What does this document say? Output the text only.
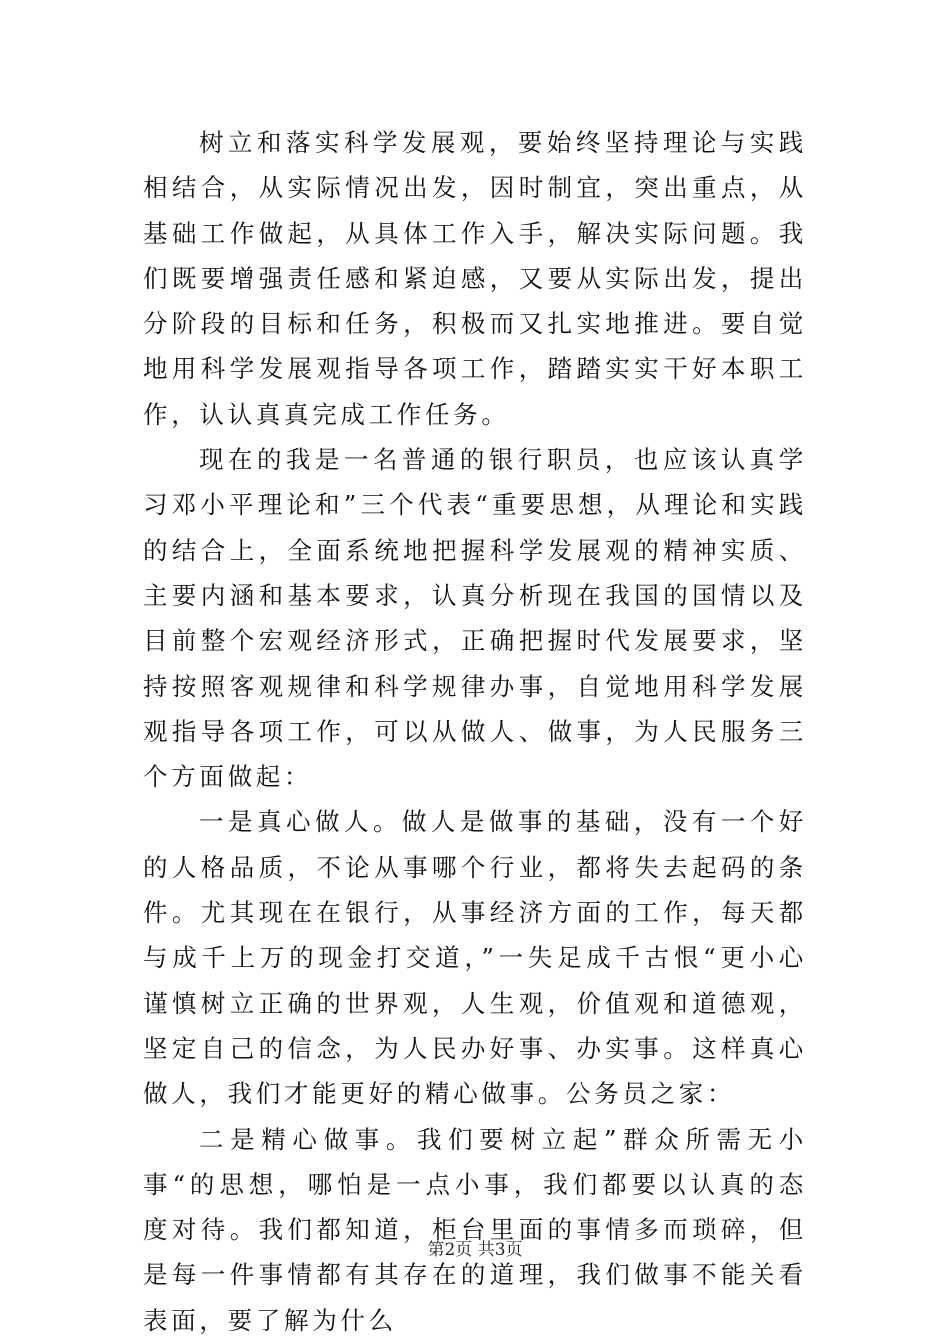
树立和落实科学发展观，要始终坚持理论与实践相结合，从实际情况出发，因时制宜，突出重点，从基础工作做起，从具体工作入手，解决实际问题。我们既要增强责任感和紧迫感，又要从实际出发，提出分阶段的目标和任务，积极而又扎实地推进。要自觉地用科学发展观指导各项工作，踏踏实实干好本职工作，认认真真完成工作任务。

现在的我是一名普通的银行职员，也应该认真学习邓小平理论和”三个代表“重要思想，从理论和实践的结合上，全面系统地把握科学发展观的精神实质、主要内涵和基本要求，认真分析现在我国的国情以及目前整个宏观经济形式，正确把握时代发展要求，坚持按照客观规律和科学规律办事，自觉地用科学发展观指导各项工作，可以从做人、做事，为人民服务三个方面做起：

一是真心做人。做人是做事的基础，没有一个好的人格品质，不论从事哪个行业，都将失去起码的条件。尤其现在在银行，从事经济方面的工作，每天都与成千上万的现金打交道，”一失足成千古恨“更小心谨慎树立正确的世界观，人生观，价值观和道德观，坚定自己的信念，为人民办好事、办实事。这样真心做人，我们才能更好的精心做事。公务员之家：

二是精心做事。我们要树立起”群众所需无小事“的思想，哪怕是一点小事，我们都要以认真的态度对待。我们都知道，柜台里面的事情多而琐碎，但是每一件事情都有其存在的道理，我们做事不能关看表面，要了解为什么

第2页 共3页
